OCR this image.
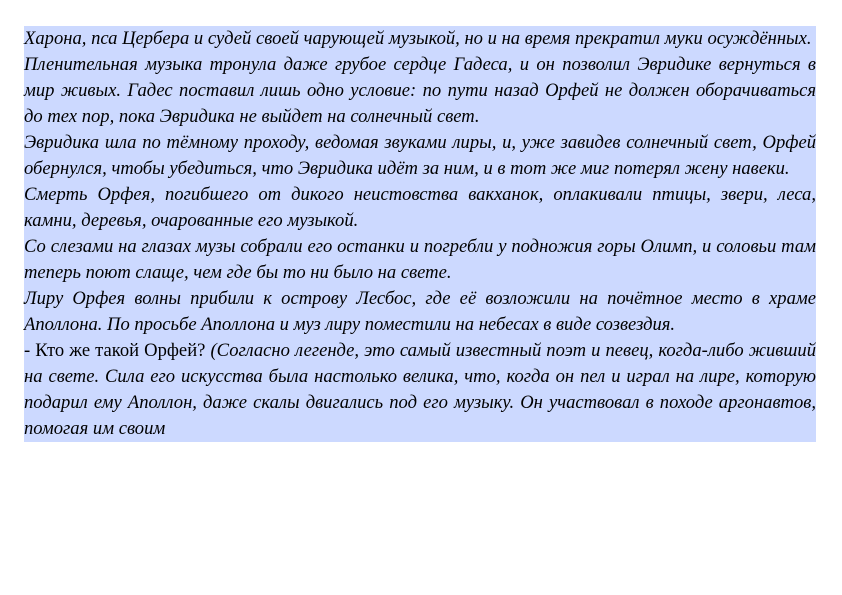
Харона, пса Цербера и судей своей чарующей музыкой, но и на время прекратил муки осуждённых.

Пленительная музыка тронула даже грубое сердце Гадеса, и он позволил Эвридике вернуться в мир живых. Гадес поставил лишь одно условие: по пути назад Орфей не должен оборачиваться до тех пор, пока Эвридика не выйдет на солнечный свет.

Эвридика шла по тёмному проходу, ведомая звуками лиры, и, уже завидев солнечный свет, Орфей обернулся, чтобы убедиться, что Эвридика идёт за ним, и в тот же миг потерял жену навеки.

Смерть Орфея, погибшего от дикого неистовства вакханок, оплакивали птицы, звери, леса, камни, деревья, очарованные его музыкой.

Со слезами на глазах музы собрали его останки и погребли у подножия горы Олимп, и соловьи там теперь поют слаще, чем где бы то ни было на свете.

Лиру Орфея волны прибили к острову Лесбос, где её возложили на почётное место в храме Аполлона. По просьбе Аполлона и муз лиру поместили на небесах в виде созвездия.

- Кто же такой Орфей? (Согласно легенде, это самый известный поэт и певец, когда-либо живший на свете. Сила его искусства была настолько велика, что, когда он пел и играл на лире, которую подарил ему Аполлон, даже скалы двигались под его музыку. Он участвовал в походе аргонавтов, помогая им своим
